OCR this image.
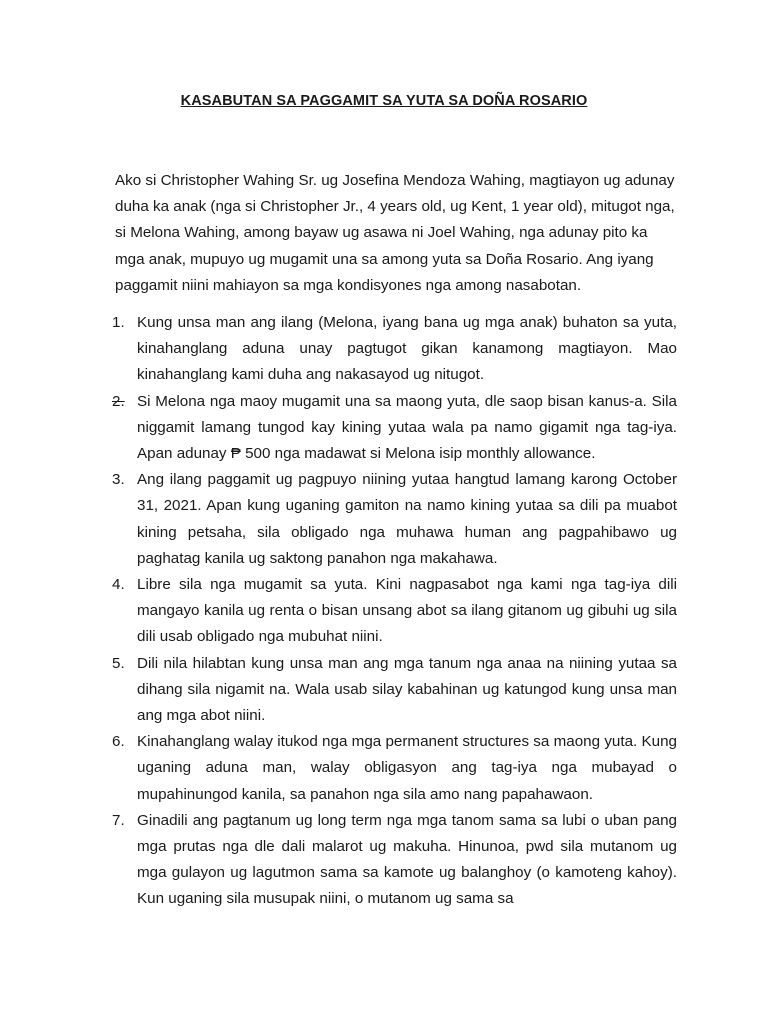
KASABUTAN SA PAGGAMIT SA YUTA SA DOÑA ROSARIO

Ako si Christopher Wahing Sr. ug Josefina Mendoza Wahing, magtiayon ug adunay duha ka anak (nga si Christopher Jr., 4 years old, ug Kent, 1 year old), mitugot nga, si Melona Wahing, among bayaw ug asawa ni Joel Wahing, nga adunay pito ka mga anak, mupuyo ug mugamit una sa among yuta sa Doña Rosario. Ang iyang paggamit niini mahiayon sa mga kondisyones nga among nasabotan.

1. Kung unsa man ang ilang (Melona, iyang bana ug mga anak) buhaton sa yuta, kinahanglang aduna unay pagtugot gikan kanamong magtiayon. Mao kinahanglang kami duha ang nakasayod ug nitugot.
2. Si Melona nga maoy mugamit una sa maong yuta, dle saop bisan kanus-a. Sila niggamit lamang tungod kay kining yutaa wala pa namo gigamit nga tag-iya. Apan adunay ₱ 500 nga madawat si Melona isip monthly allowance.
3. Ang ilang paggamit ug pagpuyo niining yutaa hangtud lamang karong October 31, 2021. Apan kung uganing gamiton na namo kining yutaa sa dili pa muabot kining petsaha, sila obligado nga muhawa human ang pagpahibawo ug paghatag kanila ug saktong panahon nga makahawa.
4. Libre sila nga mugamit sa yuta. Kini nagpasabot nga kami nga tag-iya dili mangayo kanila ug renta o bisan unsang abot sa ilang gitanom ug gibuhi ug sila dili usab obligado nga mubuhat niini.
5. Dili nila hilabtan kung unsa man ang mga tanum nga anaa na niining yutaa sa dihang sila nigamit na. Wala usab silay kabahinan ug katungod kung unsa man ang mga abot niini.
6. Kinahanglang walay itukod nga mga permanent structures sa maong yuta. Kung uganing aduna man, walay obligasyon ang tag-iya nga mubayad o mupahinungod kanila, sa panahon nga sila amo nang papahawaon.
7. Ginadili ang pagtanum ug long term nga mga tanom sama sa lubi o uban pang mga prutas nga dle dali malarot ug makuha. Hinunoa, pwd sila mutanom ug mga gulayon ug lagutmon sama sa kamote ug balanghoy (o kamoteng kahoy). Kun uganing sila musupak niini, o mutanom ug sama sa
